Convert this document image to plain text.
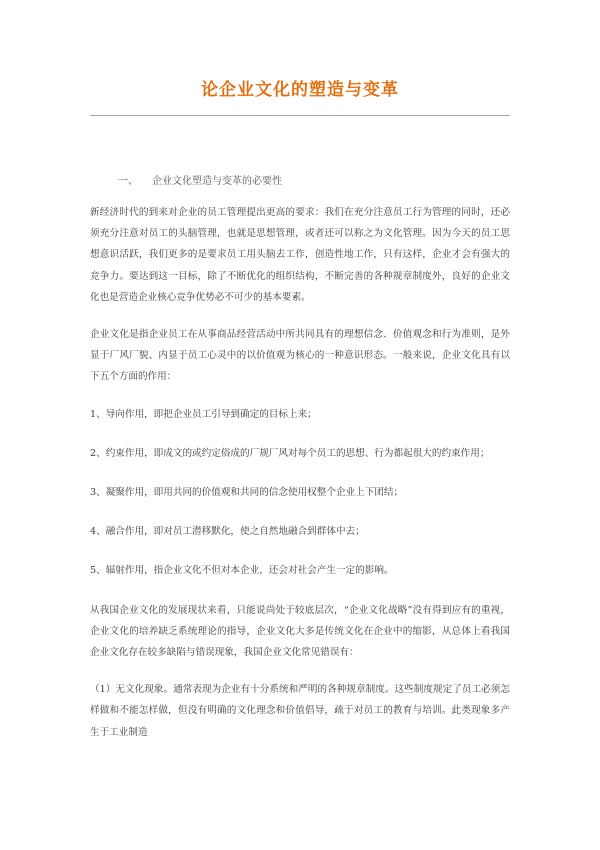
论企业文化的塑造与变革

一、 企业文化塑造与变革的必要性

新经济时代的到来对企业的员工管理提出更高的要求：我们在充分注意员工行为管理的同时，还必须充分注意对员工的头脑管理，也就是思想管理，或者还可以称之为文化管理。因为今天的员工思想意识活跃，我们更多的是要求员工用头脑去工作，创造性地工作，只有这样，企业才会有强大的竞争力。要达到这一目标，除了不断优化的组织结构，不断完善的各种规章制度外，良好的企业文化也是营造企业核心竞争优势必不可少的基本要素。

企业文化是指企业员工在从事商品经营活动中所共同具有的理想信念、价值观念和行为准则，是外显于厂风厂貌、内显于员工心灵中的以价值观为核心的一种意识形态。一般来说，企业文化具有以下五个方面的作用：

1、导向作用，即把企业员工引导到确定的目标上来；

2、约束作用，即成文的或约定俗成的厂规厂风对每个员工的思想、行为都起很大的约束作用；

3、凝聚作用，即用共同的价值观和共同的信念使用权整个企业上下团结；

4、融合作用，即对员工潜移默化，使之自然地融合到群体中去；

5、辐射作用，指企业文化不但对本企业，还会对社会产生一定的影响。

从我国企业文化的发展现状来看，只能说尚处于较底层次，“企业文化战略”没有得到应有的重视，企业文化的培养缺乏系统理论的指导，企业文化大多是传统文化在企业中的缩影，从总体上看我国企业文化存在较多缺陷与错误现象，我国企业文化常见错误有：

（1）无文化现象。通常表现为企业有十分系统和严明的各种规章制度。这些制度规定了员工必须怎样做和不能怎样做，但没有明确的文化理念和价值倡导，疏于对员工的教育与培训。此类现象多产生于工业制造
